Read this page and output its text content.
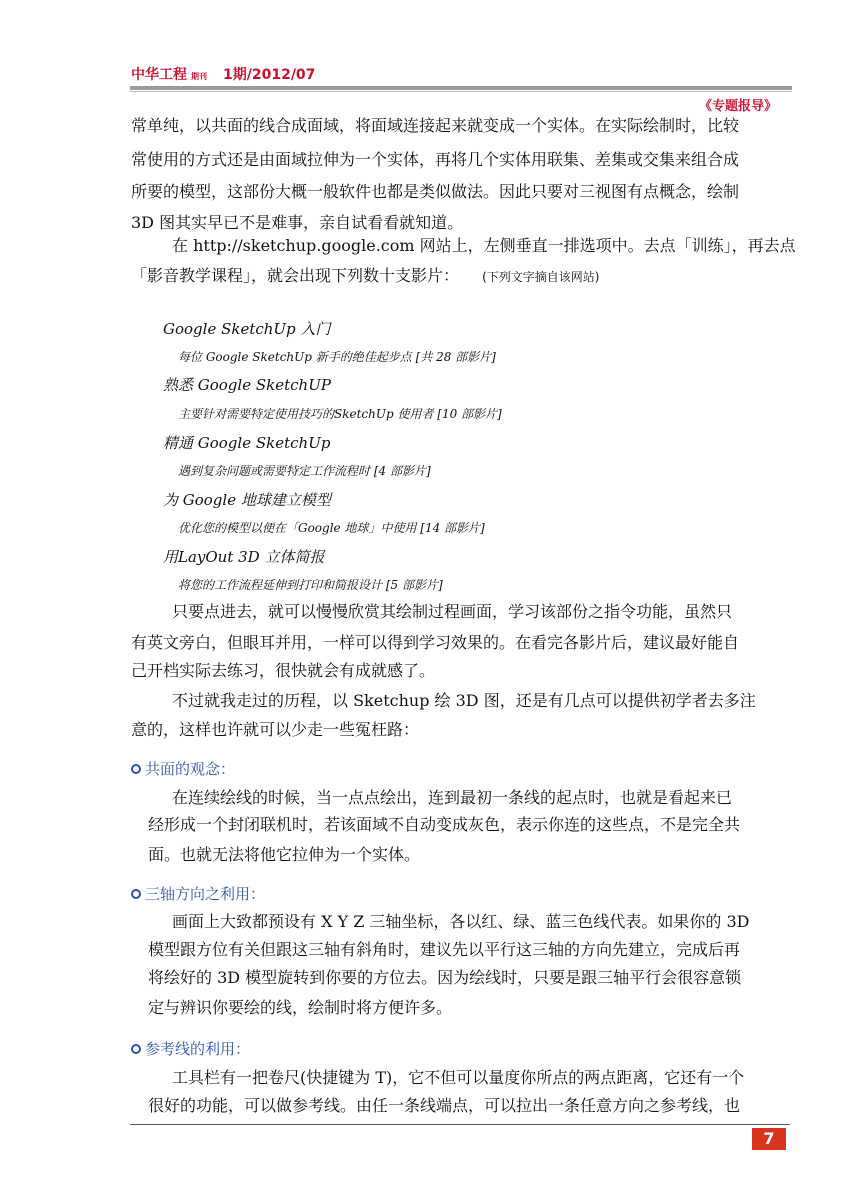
中华工程 期刊 1期/2012/07
《专题报导》
常单纯，以共面的线合成面域，将面域连接起来就变成一个实体。在实际绘制时，比较
常使用的方式还是由面域拉伸为一个实体，再将几个实体用联集、差集或交集来组合成
所要的模型，这部份大概一般软件也都是类似做法。因此只要对三视图有点概念，绘制
3D 图其实早已不是难事，亲自试看看就知道。
在 http://sketchup.google.com 网站上，左侧垂直一排选项中。去点「训练」，再去点
「影音教学课程」，就会出现下列数十支影片： (下列文字摘自该网站)
Google SketchUp 入门
每位 Google SketchUp 新手的绝佳起步点 [共 28 部影片]
熟悉 Google SketchUP
主要针对需要特定使用技巧的SketchUp 使用者 [10 部影片]
精通 Google SketchUp
遇到复杂问题或需要特定工作流程时 [4 部影片]
为 Google 地球建立模型
优化您的模型以便在「Google 地球」中使用 [14 部影片]
用LayOut 3D 立体简报
将您的工作流程延伸到打印和简报设计 [5 部影片]
只要点进去，就可以慢慢欣赏其绘制过程画面，学习该部份之指令功能，虽然只
有英文旁白，但眼耳并用，一样可以得到学习效果的。在看完各影片后，建议最好能自
己开档实际去练习，很快就会有成就感了。
不过就我走过的历程，以 Sketchup 绘 3D 图，还是有几点可以提供初学者去多注
意的，这样也许就可以少走一些冤枉路：
共面的观念：
在连续绘线的时候，当一点点绘出，连到最初一条线的起点时，也就是看起来已
经形成一个封闭联机时，若该面域不自动变成灰色，表示你连的这些点，不是完全共
面。也就无法将他它拉伸为一个实体。
三轴方向之利用：
画面上大致都预设有 X Y Z 三轴坐标，各以红、绿、蓝三色线代表。如果你的 3D
模型跟方位有关但跟这三轴有斜角时，建议先以平行这三轴的方向先建立，完成后再
将绘好的 3D 模型旋转到你要的方位去。因为绘线时，只要是跟三轴平行会很容意锁
定与辨识你要绘的线，绘制时将方便许多。
参考线的利用：
工具栏有一把卷尺(快捷键为 T)，它不但可以量度你所点的两点距离，它还有一个
很好的功能，可以做参考线。由任一条线端点，可以拉出一条任意方向之参考线，也
7
